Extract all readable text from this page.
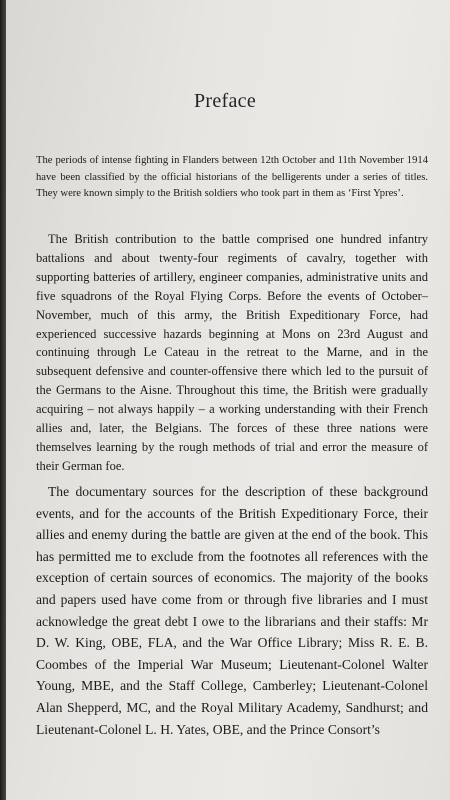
Preface

The periods of intense fighting in Flanders between 12th October and 11th November 1914 have been classified by the official historians of the belligerents under a series of titles. They were known simply to the British soldiers who took part in them as ‘First Ypres’.

The British contribution to the battle comprised one hundred infantry battalions and about twenty-four regiments of cavalry, together with supporting batteries of artillery, engineer companies, administrative units and five squadrons of the Royal Flying Corps. Before the events of October–November, much of this army, the British Expeditionary Force, had experienced successive hazards beginning at Mons on 23rd August and continuing through Le Cateau in the retreat to the Marne, and in the subsequent defensive and counter-offensive there which led to the pursuit of the Germans to the Aisne. Throughout this time, the British were gradually acquiring – not always happily – a working understanding with their French allies and, later, the Belgians. The forces of these three nations were themselves learning by the rough methods of trial and error the measure of their German foe.

The documentary sources for the description of these background events, and for the accounts of the British Expeditionary Force, their allies and enemy during the battle are given at the end of the book. This has permitted me to exclude from the footnotes all references with the exception of certain sources of economics. The majority of the books and papers used have come from or through five libraries and I must acknowledge the great debt I owe to the librarians and their staffs: Mr D. W. King, OBE, FLA, and the War Office Library; Miss R. E. B. Coombes of the Imperial War Museum; Lieutenant-Colonel Walter Young, MBE, and the Staff College, Camberley; Lieutenant-Colonel Alan Shepperd, MC, and the Royal Military Academy, Sandhurst; and Lieutenant-Colonel L. H. Yates, OBE, and the Prince Consort’s
